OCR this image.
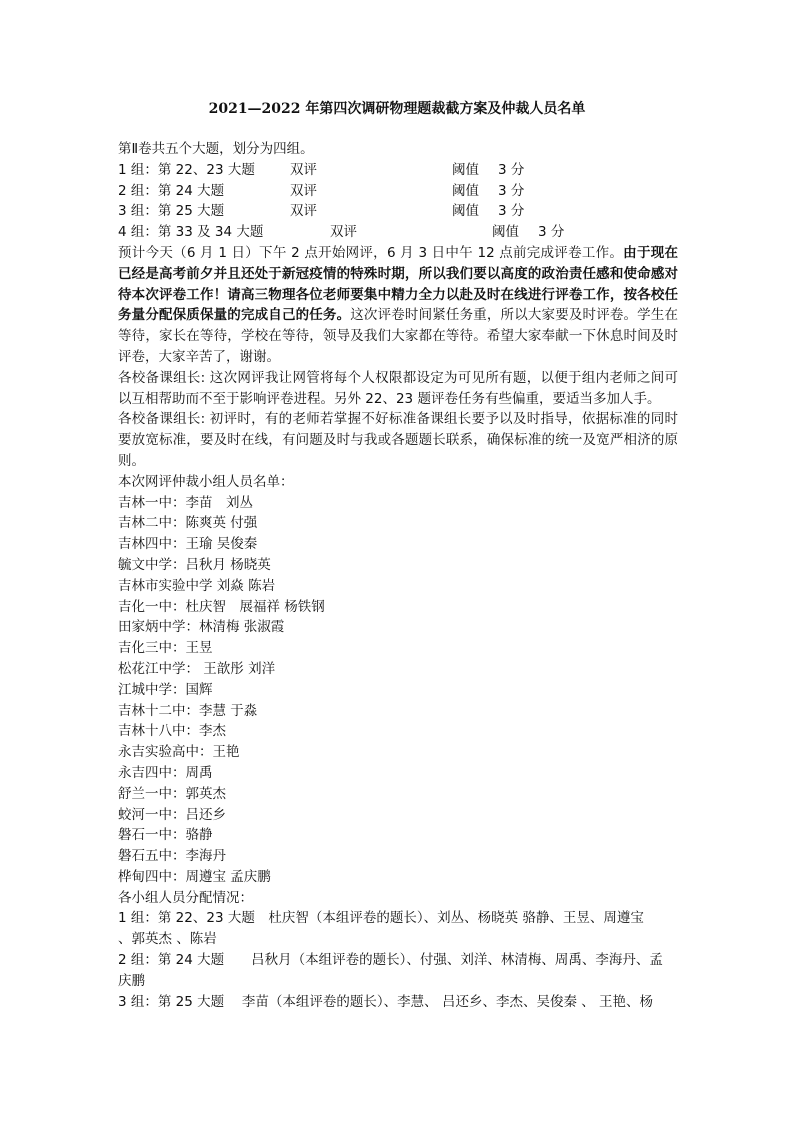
2021—2022 年第四次调研物理题裁截方案及仲裁人员名单

第Ⅱ卷共五个大题，划分为四组。

1 组：第 22、23 大题	双评	阈值	3 分
2 组：第 24 大题	双评	阈值	3 分
3 组：第 25 大题	双评	阈值	3 分
4 组：第 33 及 34 大题	双评	阈值	3 分

预计今天（6 月 1 日）下午 2 点开始网评，6 月 3 日中午 12 点前完成评卷工作。由于现在已经是高考前夕并且还处于新冠疫情的特殊时期，所以我们要以高度的政治责任感和使命感对待本次评卷工作！请高三物理各位老师要集中精力全力以赴及时在线进行评卷工作，按各校任务量分配保质保量的完成自己的任务。这次评卷时间紧任务重，所以大家要及时评卷。学生在等待，家长在等待，学校在等待，领导及我们大家都在等待。希望大家奉献一下休息时间及时评卷，大家辛苦了，谢谢。

各校备课组长: 这次网评我让网管将每个人权限都设定为可见所有题，以便于组内老师之间可以互相帮助而不至于影响评卷进程。另外 22、23 题评卷任务有些偏重，要适当多加人手。

各校备课组长: 初评时，有的老师若掌握不好标准备课组长要予以及时指导，依据标准的同时要放宽标准，要及时在线，有问题及时与我或各题题长联系，确保标准的统一及宽严相济的原则。

本次网评仲裁小组人员名单：

吉林一中：李苗　刘丛

吉林二中：陈爽英 付强

吉林四中：王瑜 吴俊秦

毓文中学：吕秋月 杨晓英

吉林市实验中学 刘焱 陈岩

吉化一中：杜庆智　展福祥 杨铁钢

田家炳中学：林清梅 张淑霞

吉化三中：王昱

松花江中学： 王歆彤 刘洋

江城中学：国辉

吉林十二中：李慧 于淼

吉林十八中：李杰

永吉实验高中：王艳

永吉四中：周禹

舒兰一中：郭英杰

蛟河一中：吕还乡

磐石一中：骆静

磐石五中：李海丹

桦甸四中：周遵宝 孟庆鹏

各小组人员分配情况：

1 组：第 22、23 大题　杜庆智（本组评卷的题长）、刘丛、杨晓英 骆静、王昱、周遵宝

、郭英杰 、陈岩

2 组：第 24 大题　　吕秋月（本组评卷的题长）、付强、刘洋、林清梅、周禹、李海丹、孟

庆鹏

3 组：第 25 大题　 李苗（本组评卷的题长）、李慧、 吕还乡、李杰、吴俊秦 、 王艳、杨
